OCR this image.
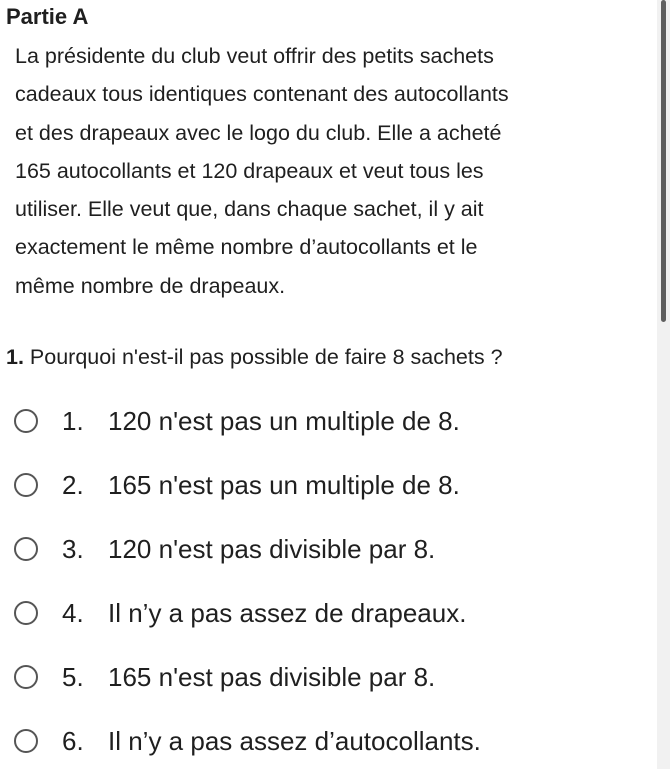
Partie A

La présidente du club veut offrir des petits sachets

cadeaux tous identiques contenant des autocollants

et des drapeaux avec le logo du club. Elle a acheté

165 autocollants et 120 drapeaux et veut tous les

utiliser. Elle veut que, dans chaque sachet, il y ait

exactement le même nombre d’autocollants et le

même nombre de drapeaux.

1. Pourquoi n'est-il pas possible de faire 8 sachets ?
1. 120 n'est pas un multiple de 8.
2. 165 n'est pas un multiple de 8.
3. 120 n'est pas divisible par 8.
4. Il n’y a pas assez de drapeaux.
5. 165 n'est pas divisible par 8.
6. Il n’y a pas assez d’autocollants.
